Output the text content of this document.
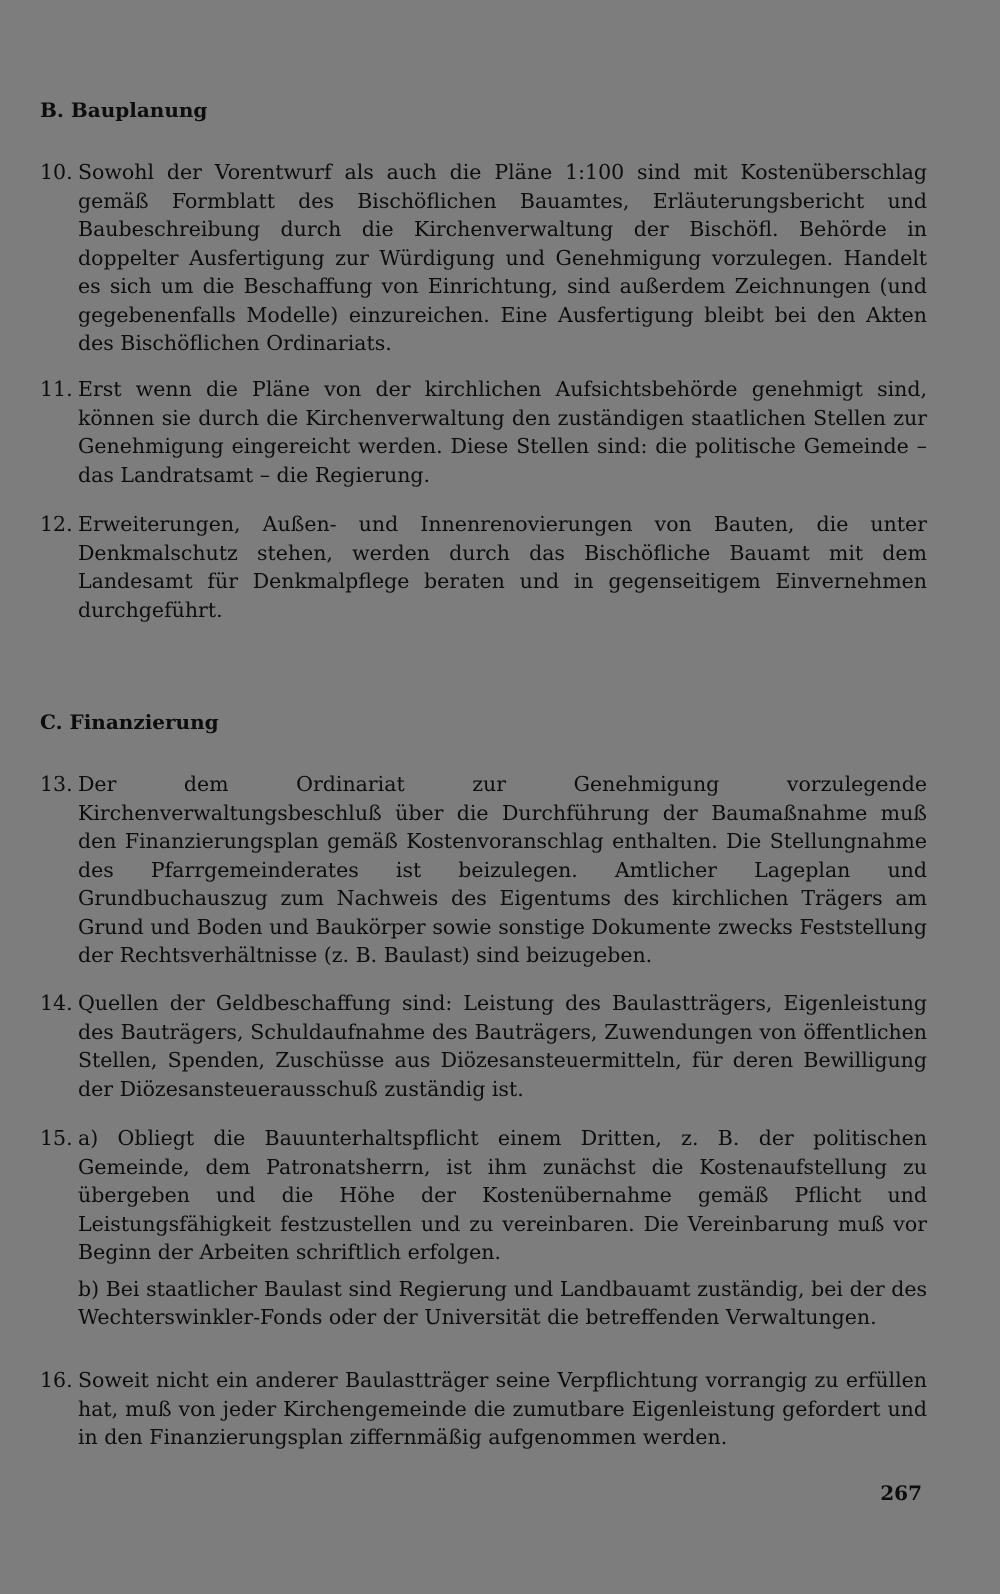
B. Bauplanung
10. Sowohl der Vorentwurf als auch die Pläne 1:100 sind mit Kostenüberschlag gemäß Formblatt des Bischöflichen Bauamtes, Erläuterungsbericht und Baubeschreibung durch die Kirchenverwaltung der Bischöfl. Behörde in doppelter Ausfertigung zur Würdigung und Genehmigung vorzulegen. Handelt es sich um die Beschaffung von Einrichtung, sind außerdem Zeichnungen (und gegebenenfalls Modelle) einzureichen. Eine Ausfertigung bleibt bei den Akten des Bischöflichen Ordinariats.

11. Erst wenn die Pläne von der kirchlichen Aufsichtsbehörde genehmigt sind, können sie durch die Kirchenverwaltung den zuständigen staatlichen Stellen zur Genehmigung eingereicht werden. Diese Stellen sind: die politische Gemeinde – das Landratsamt – die Regierung.

12. Erweiterungen, Außen- und Innenrenovierungen von Bauten, die unter Denkmalschutz stehen, werden durch das Bischöfliche Bauamt mit dem Landesamt für Denkmalpflege beraten und in gegenseitigem Einvernehmen durchgeführt.

C. Finanzierung
13. Der dem Ordinariat zur Genehmigung vorzulegende Kirchenverwaltungsbeschluß über die Durchführung der Baumaßnahme muß den Finanzierungsplan gemäß Kostenvoranschlag enthalten. Die Stellungnahme des Pfarrgemeinderates ist beizulegen. Amtlicher Lageplan und Grundbuchauszug zum Nachweis des Eigentums des kirchlichen Trägers am Grund und Boden und Baukörper sowie sonstige Dokumente zwecks Feststellung der Rechtsverhältnisse (z. B. Baulast) sind beizugeben.

14. Quellen der Geldbeschaffung sind: Leistung des Baulastträgers, Eigenleistung des Bauträgers, Schuldaufnahme des Bauträgers, Zuwendungen von öffentlichen Stellen, Spenden, Zuschüsse aus Diözesansteuermitteln, für deren Bewilligung der Diözesansteuerausschuß zuständig ist.

15. a) Obliegt die Bauunterhaltspflicht einem Dritten, z. B. der politischen Gemeinde, dem Patronatsherrn, ist ihm zunächst die Kostenaufstellung zu übergeben und die Höhe der Kostenübernahme gemäß Pflicht und Leistungsfähigkeit festzustellen und zu vereinbaren. Die Vereinbarung muß vor Beginn der Arbeiten schriftlich erfolgen.

b) Bei staatlicher Baulast sind Regierung und Landbauamt zuständig, bei der des Wechterswinkler-Fonds oder der Universität die betreffenden Verwaltungen.

16. Soweit nicht ein anderer Baulastträger seine Verpflichtung vorrangig zu erfüllen hat, muß von jeder Kirchengemeinde die zumutbare Eigenleistung gefordert und in den Finanzierungsplan ziffernmäßig aufgenommen werden.

267
